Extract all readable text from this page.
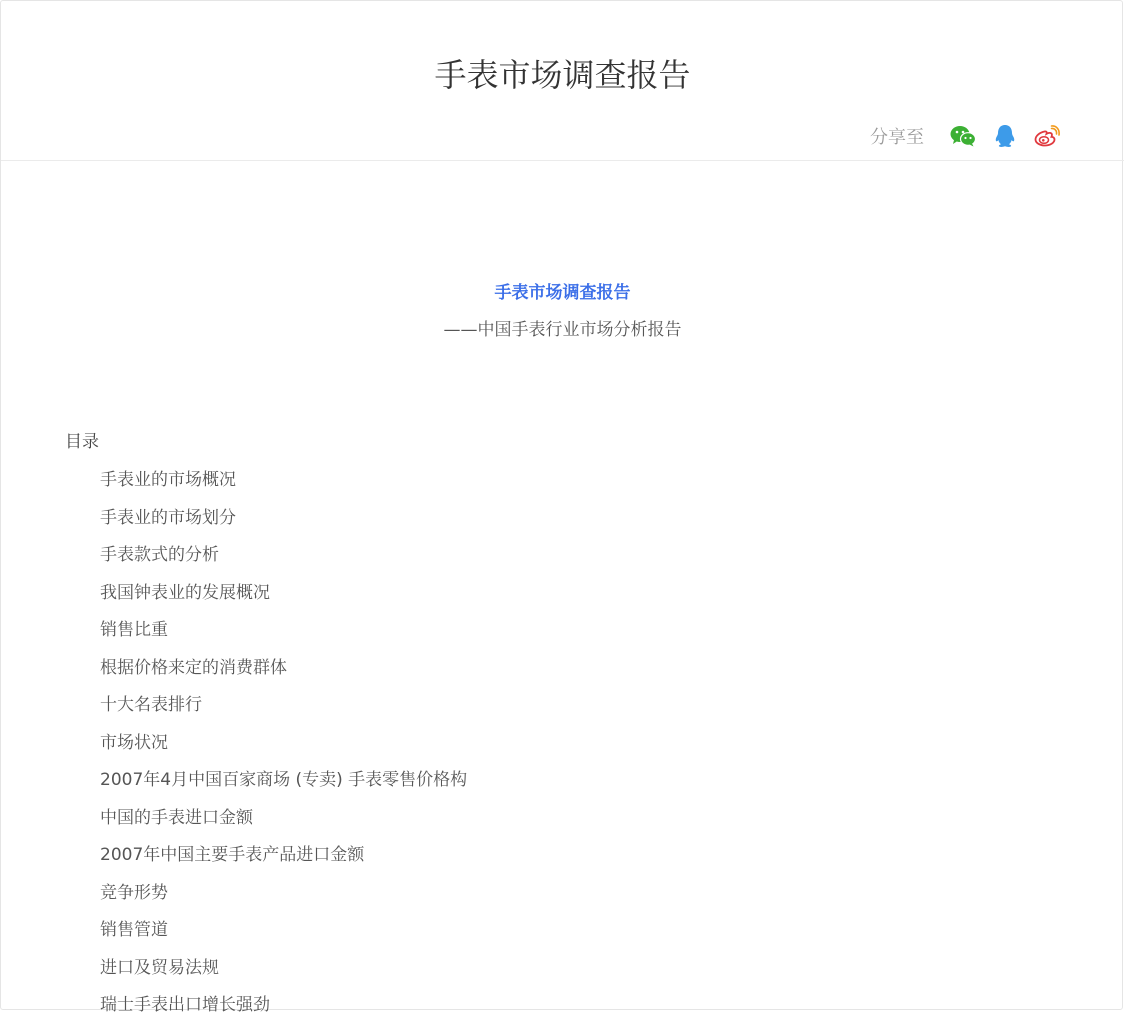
手表市场调查报告
分享至
手表市场调查报告
——中国手表行业市场分析报告
目录
手表业的市场概况
手表业的市场划分
手表款式的分析
我国钟表业的发展概况
销售比重
根据价格来定的消费群体
十大名表排行
市场状况
2007年4月中国百家商场 (专卖) 手表零售价格构
中国的手表进口金额
2007年中国主要手表产品进口金额
竞争形势
销售管道
进口及贸易法规
瑞士手表出口增长强劲
